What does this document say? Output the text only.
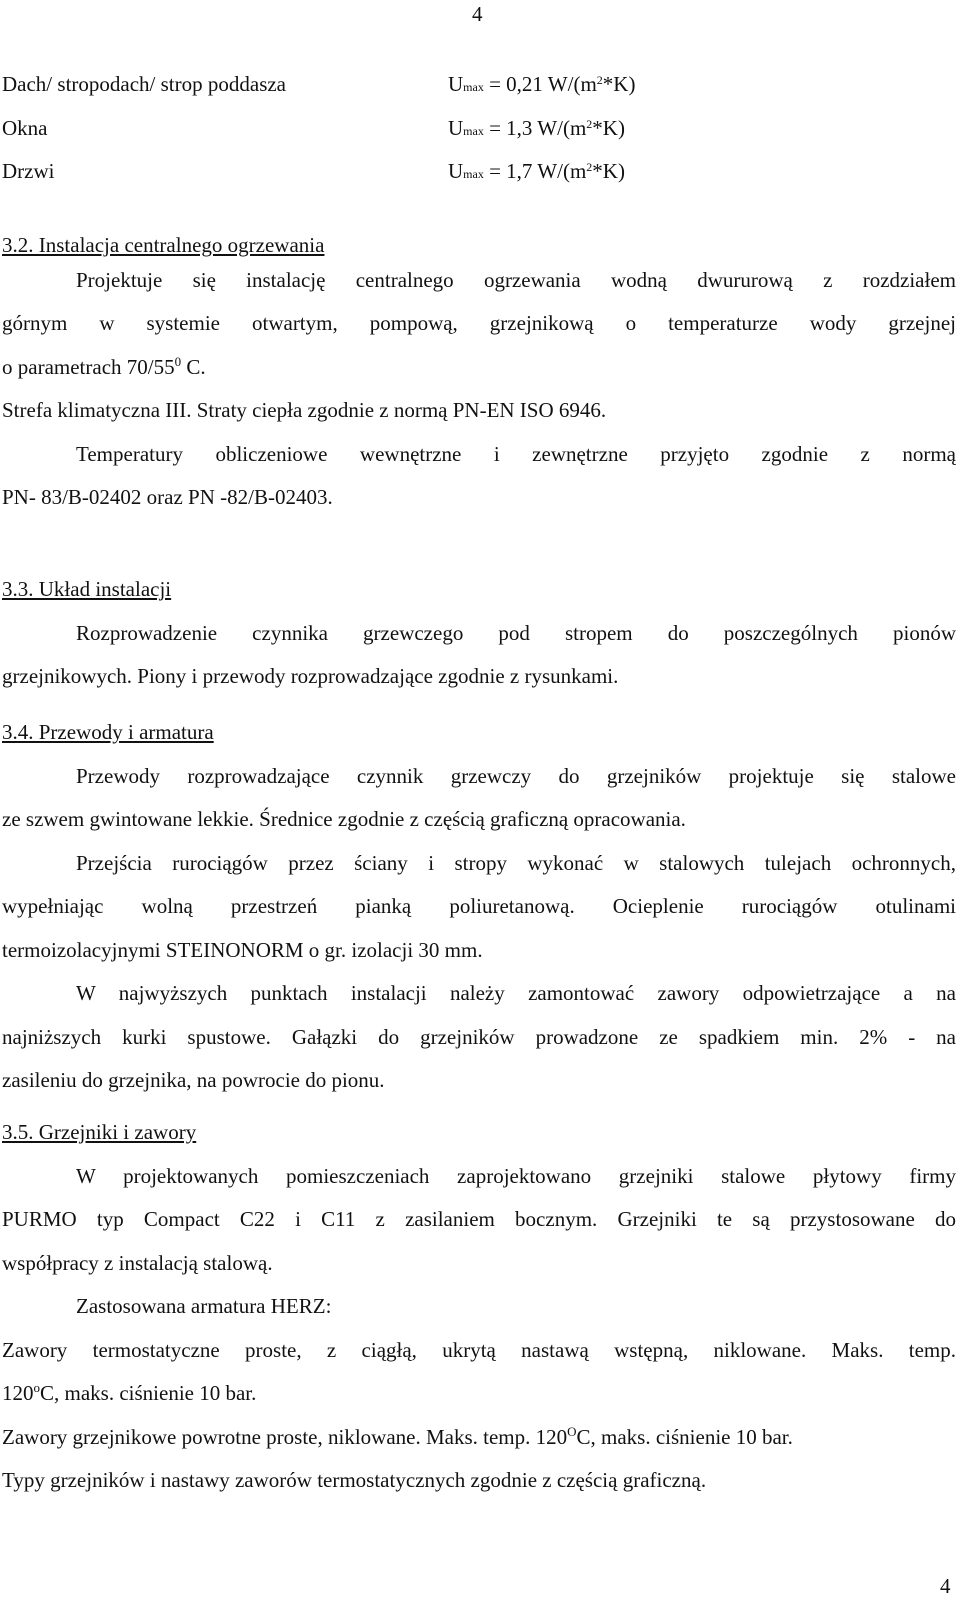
4
Dach/ stropodach/ strop poddasza	Umax = 0,21 $W/(m^2*K)$
Okna	Umax = 1,3 $W/(m^2*K)$
Drzwi	Umax = 1,7 $W/(m^2*K)$
3.2. Instalacja centralnego ogrzewania
Projektuje się instalację centralnego ogrzewania wodną dwururową z rozdziałem
górnym w systemie otwartym, pompową, grzejnikową o temperaturze wody grzejnej
o parametrach $70/55^0$ C.
Strefa klimatyczna III. Straty ciepła zgodnie z normą PN-EN ISO 6946.
Temperatury obliczeniowe wewnętrzne i zewnętrzne przyjęto zgodnie z normą
PN- 83/B-02402 oraz PN -82/B-02403.
3.3. Układ instalacji
Rozprowadzenie czynnika grzewczego pod stropem do poszczególnych pionów
grzejnikowych. Piony i przewody rozprowadzające zgodnie z rysunkami.
3.4. Przewody i armatura
Przewody rozprowadzające czynnik grzewczy do grzejników projektuje się stalowe
ze szwem gwintowane lekkie. Średnice zgodnie z częścią graficzną opracowania.
Przejścia rurociągów przez ściany i stropy wykonać w stalowych tulejach ochronnych,
wypełniając wolną przestrzeń pianką poliuretanową. Ocieplenie rurociągów otulinami
termoizolacyjnymi STEINONORM o gr. izolacji 30 mm.
W najwyższych punktach instalacji należy zamontować zawory odpowietrzające a na
najniższych kurki spustowe. Gałązki do grzejników prowadzone ze spadkiem min. 2% - na
zasileniu do grzejnika, na powrocie do pionu.
3.5. Grzejniki i zawory
W projektowanych pomieszczeniach zaprojektowano grzejniki stalowe płytowy firmy
PURMO typ Compact C22 i C11 z zasilaniem bocznym. Grzejniki te są przystosowane do
współpracy z instalacją stalową.
Zastosowana armatura HERZ:
Zawory termostatyczne proste, z ciągłą, ukrytą nastawą wstępną, niklowane. Maks. temp.
120$^o$C, maks. ciśnienie 10 bar.
Zawory grzejnikowe powrotne proste, niklowane. Maks. temp. $120^OC$, maks. ciśnienie 10 bar.
Typy grzejników i nastawy zaworów termostatycznych zgodnie z częścią graficzną.
4
